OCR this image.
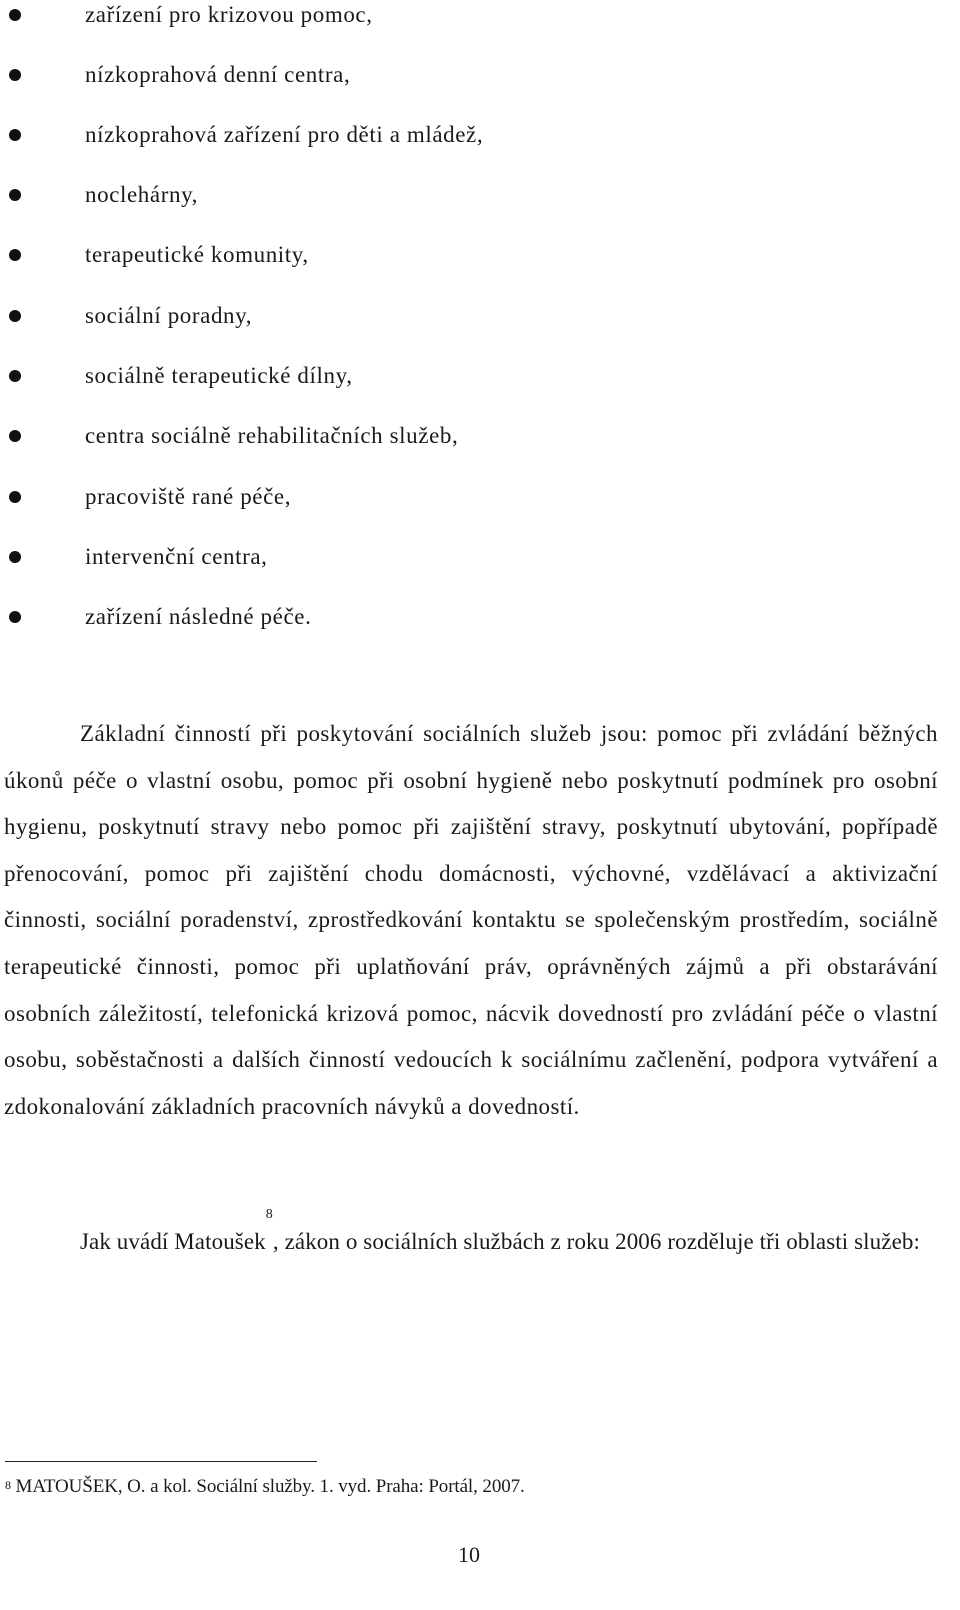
zařízení pro krizovou pomoc,
nízkoprahová denní centra,
nízkoprahová zařízení pro děti a mládež,
noclehárny,
terapeutické komunity,
sociální poradny,
sociálně terapeutické dílny,
centra sociálně rehabilitačních služeb,
pracoviště rané péče,
intervenční centra,
zařízení následné péče.

Základní činností při poskytování sociálních služeb jsou: pomoc při zvládání běžných úkonů péče o vlastní osobu, pomoc při osobní hygieně nebo poskytnutí podmínek pro osobní hygienu, poskytnutí stravy nebo pomoc při zajištění stravy, poskytnutí ubytování, popřípadě přenocování, pomoc při zajištění chodu domácnosti, výchovné, vzdělávací a aktivizační činnosti, sociální poradenství, zprostředkování kontaktu se společenským prostředím, sociálně terapeutické činnosti, pomoc při uplatňování práv, oprávněných zájmů a při obstarávání osobních záležitostí, telefonická krizová pomoc, nácvik dovedností pro zvládání péče o vlastní osobu, soběstačnosti a dalších činností vedoucích k sociálnímu začlenění, podpora vytváření a zdokonalování základních pracovních návyků a dovedností.

Jak uvádí Matoušek$^8$, zákon o sociálních službách z roku 2006 rozděluje tři oblasti služeb:

$^8$ MATOUŠEK, O. a kol. Sociální služby. 1. vyd. Praha: Portál, 2007.
10
